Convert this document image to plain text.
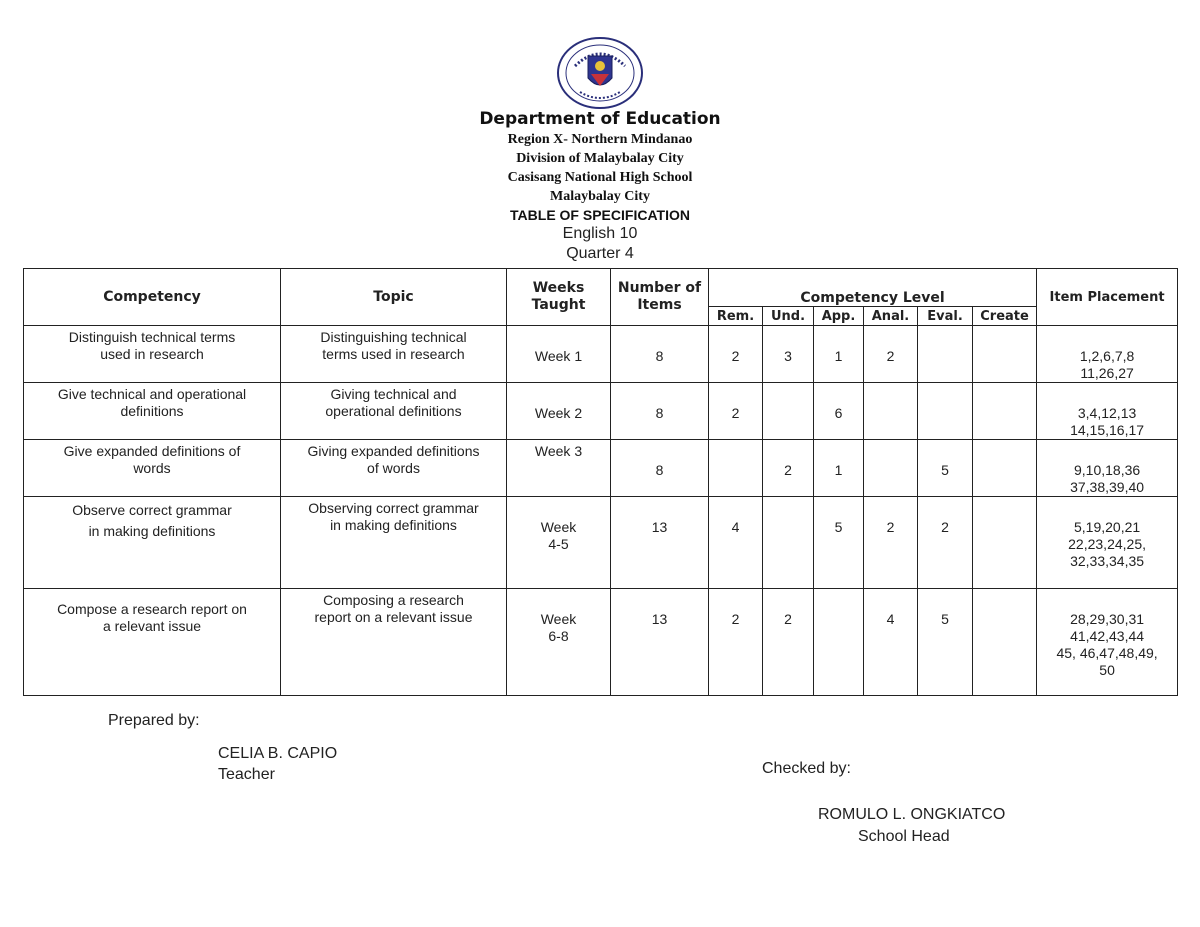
Department of Education
Region X- Northern Mindanao
Division of Malaybalay City
Casisang National High School
Malaybalay City
TABLE OF SPECIFICATION
English 10
Quarter 4
Competency	Topic	Weeks Taught	Number of Items	Competency Level						Item Placement
				Rem.	Und.	App.	Anal.	Eval.	Create	
Distinguish technical terms
used in research	Distinguishing technical
terms used in research	Week 1	8	2	3	1	2			1,2,6,7,8
11,26,27
Give technical and operational
definitions	Giving technical and
operational definitions	Week 2	8	2		6				3,4,12,13
14,15,16,17
Give expanded definitions of
words	Giving expanded definitions
of words	Week 3	8		2	1		5		9,10,18,36
37,38,39,40
Observe correct grammar
in making definitions	Observing correct grammar
in making definitions	Week
4-5	13	4		5	2	2		5,19,20,21
22,23,24,25,
32,33,34,35
Compose a research report on
a relevant issue	Composing a research
report on a relevant issue	Week
6-8	13	2	2		4	5		28,29,30,31
41,42,43,44
45, 46,47,48,49,
50
Prepared by:
CELIA B. CAPIO
Teacher	Checked by:
ROMULO L. ONGKIATCO
School Head
